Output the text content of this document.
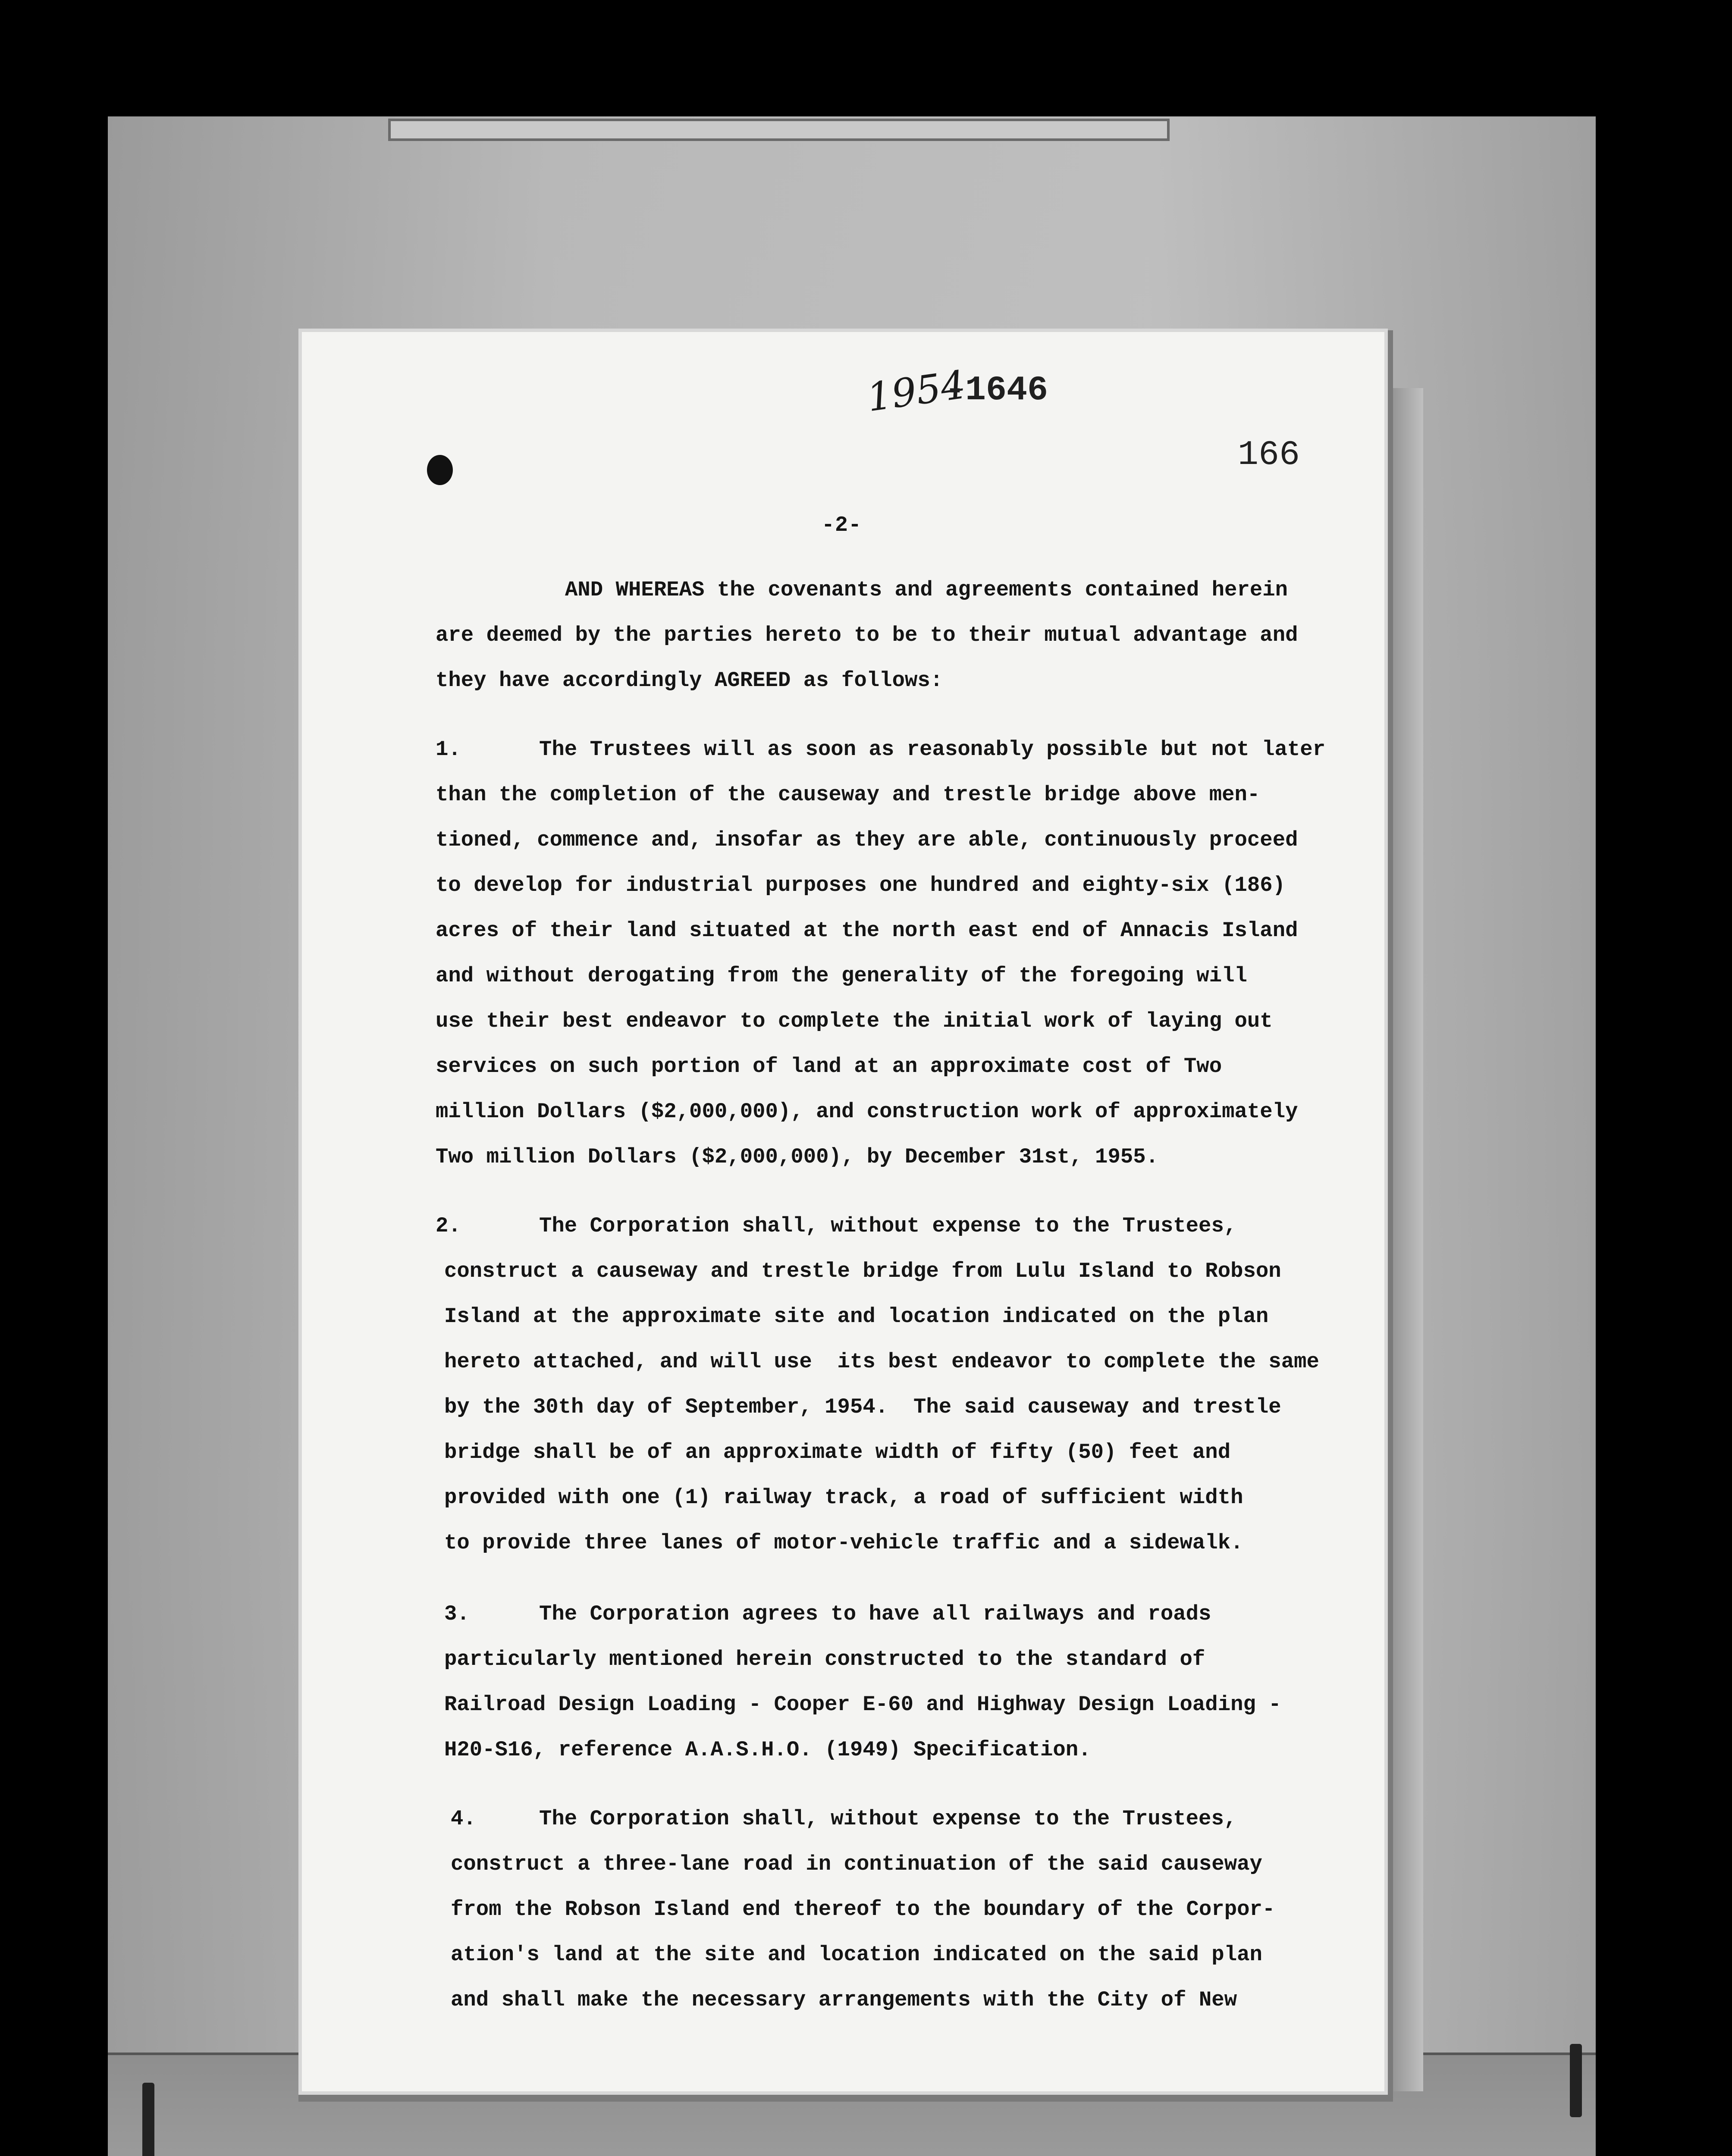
1954
-1646
166
-2-
AND WHEREAS the covenants and agreements contained herein
are deemed by the parties hereto to be to their mutual advantage and
they have accordingly AGREED as follows:
1.	The Trustees will as soon as reasonably possible but not later
than the completion of the causeway and trestle bridge above men-
tioned, commence and, insofar as they are able, continuously proceed
to develop for industrial purposes one hundred and eighty-six (186)
acres of their land situated at the north east end of Annacis Island
and without derogating from the generality of the foregoing will
use their best endeavor to complete the initial work of laying out
services on such portion of land at an approximate cost of Two
million Dollars ($2,000,000), and construction work of approximately
Two million Dollars ($2,000,000), by December 31st, 1955.
2.	The Corporation shall, without expense to the Trustees,
construct a causeway and trestle bridge from Lulu Island to Robson
Island at the approximate site and location indicated on the plan
hereto attached, and will use  its best endeavor to complete the same
by the 30th day of September, 1954.  The said causeway and trestle
bridge shall be of an approximate width of fifty (50) feet and
provided with one (1) railway track, a road of sufficient width
to provide three lanes of motor-vehicle traffic and a sidewalk.
3.	The Corporation agrees to have all railways and roads
particularly mentioned herein constructed to the standard of
Railroad Design Loading - Cooper E-60 and Highway Design Loading -
H20-S16, reference A.A.S.H.O. (1949) Specification.
4.	The Corporation shall, without expense to the Trustees,
construct a three-lane road in continuation of the said causeway
from the Robson Island end thereof to the boundary of the Corpor-
ation's land at the site and location indicated on the said plan
and shall make the necessary arrangements with the City of New
